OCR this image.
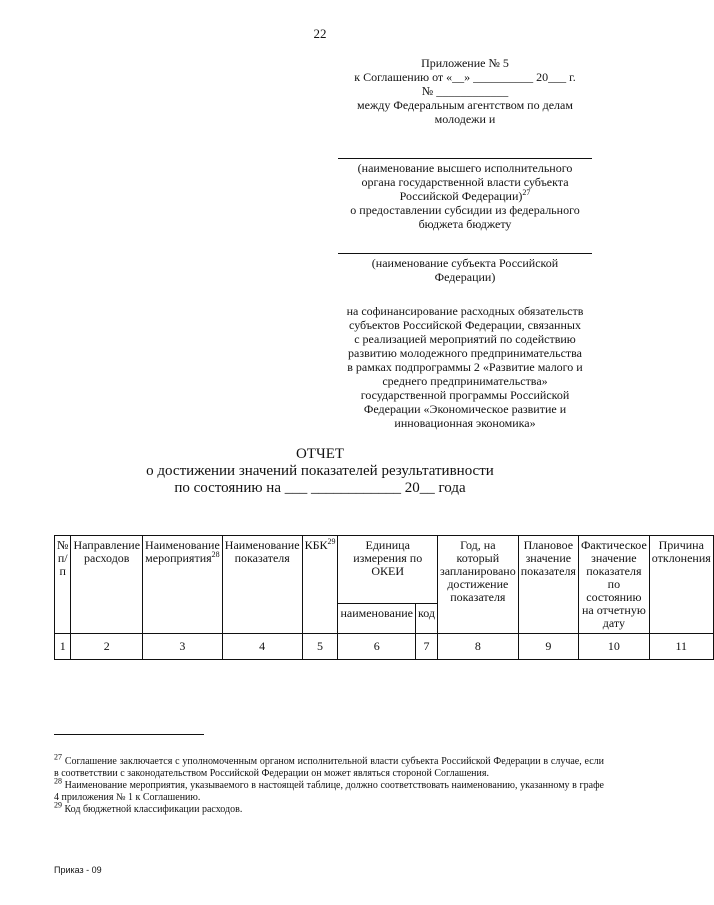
22
Приложение № 5
к Соглашению от «__» __________ 20___ г.
№ ____________
между Федеральным агентством по делам
молодежи и
(наименование высшего исполнительного
органа государственной власти субъекта
Российской Федерации)$^{27}$
о предоставлении субсидии из федерального
бюджета бюджету
(наименование субъекта Российской
Федерации)
на софинансирование расходных обязательств
субъектов Российской Федерации, связанных
с реализацией мероприятий по содействию
развитию молодежного предпринимательства
в рамках подпрограммы 2 «Развитие малого и
среднего предпринимательства»
государственной программы Российской
Федерации «Экономическое развитие и
инновационная экономика»
ОТЧЕТ
о достижении значений показателей результативности
по состоянию на ___ ____________ 20__ года
№ п/п	Направление расходов	Наименование мероприятия$^{28}$	Наименование показателя	КБК$^{29}$	Единица измерения по ОКЕИ		Год, на который запланировано достижение показателя	Плановое значение показателя	Фактическое значение показателя по состоянию на отчетную дату	Причина отклонения
					наименование	код				
1	2	3	4	5	6	7	8	9	10	11

$^{27}$ Соглашение заключается с уполномоченным органом исполнительной власти субъекта Российской Федерации в случае, если в соответствии с законодательством Российской Федерации он может являться стороной Соглашения.

$^{28}$ Наименование мероприятия, указываемого в настоящей таблице, должно соответствовать наименованию, указанному в графе 4 приложения № 1 к Соглашению.

$^{29}$ Код бюджетной классификации расходов.

Приказ - 09
